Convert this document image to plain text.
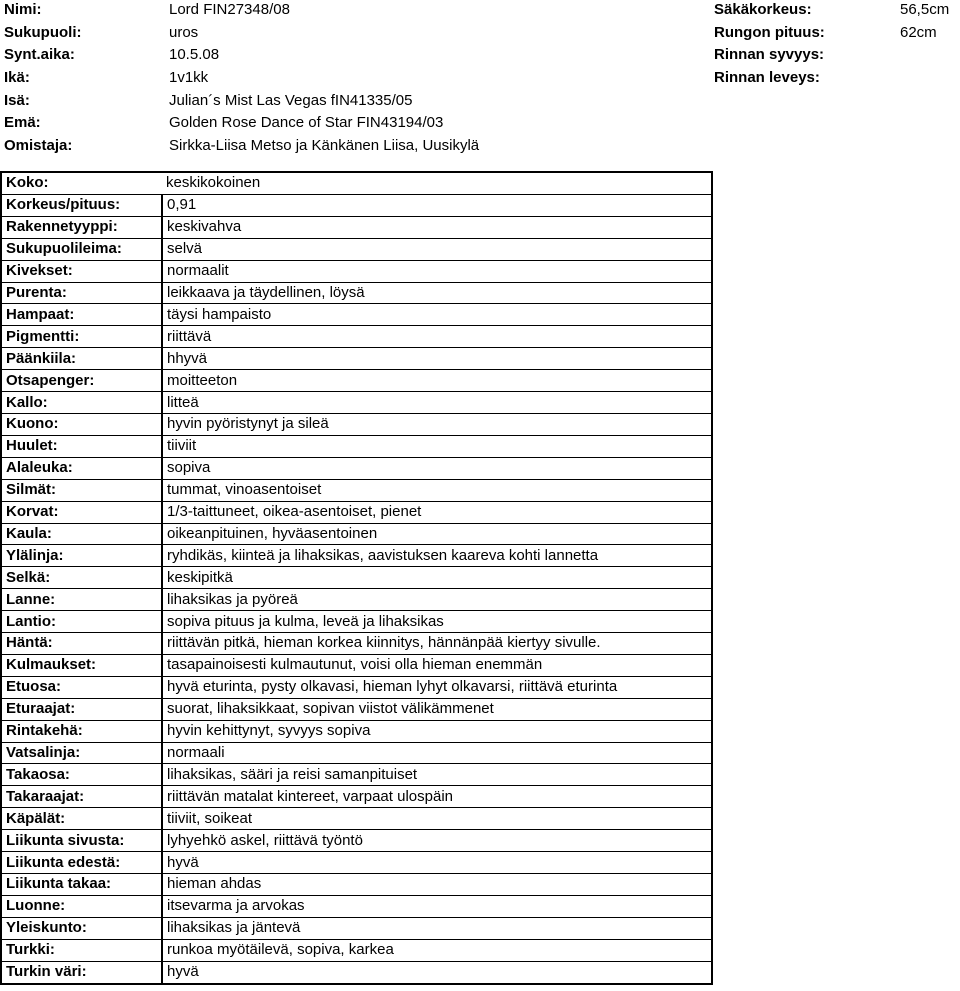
Nimi:	Lord FIN27348/08
Sukupuoli:	uros
Synt.aika:	10.5.08
Ikä:	1v1kk
Isä:	Julian´s Mist Las Vegas fIN41335/05
Emä:	Golden Rose Dance of Star FIN43194/03
Omistaja:	Sirkka-Liisa Metso ja Känkänen Liisa, Uusikylä
Säkäkorkeus:	56,5cm
Rungon pituus:	62cm
Rinnan syvyys:
Rinnan leveys:
Koko:	keskikokoinen
Korkeus/pituus:	0,91
Rakennetyyppi:	keskivahva
Sukupuolileima:	selvä
Kivekset:	normaalit
Purenta:	leikkaava ja täydellinen, löysä
Hampaat:	täysi hampaisto
Pigmentti:	riittävä
Päänkiila:	hhyvä
Otsapenger:	moitteeton
Kallo:	litteä
Kuono:	hyvin pyöristynyt ja sileä
Huulet:	tiiviit
Alaleuka:	sopiva
Silmät:	tummat, vinoasentoiset
Korvat:	1/3-taittuneet, oikea-asentoiset, pienet
Kaula:	oikeanpituinen, hyväasentoinen
Ylälinja:	ryhdikäs, kiinteä ja lihaksikas, aavistuksen kaareva kohti lannetta
Selkä:	keskipitkä
Lanne:	lihaksikas ja pyöreä
Lantio:	sopiva pituus ja kulma, leveä ja lihaksikas
Häntä:	riittävän pitkä, hieman korkea kiinnitys, hännänpää kiertyy sivulle.
Kulmaukset:	tasapainoisesti kulmautunut, voisi olla hieman enemmän
Etuosa:	hyvä eturinta, pysty olkavasi, hieman lyhyt olkavarsi, riittävä eturinta
Eturaajat:	suorat, lihaksikkaat, sopivan viistot välikämmenet
Rintakehä:	hyvin kehittynyt, syvyys sopiva
Vatsalinja:	normaali
Takaosa:	lihaksikas, sääri ja reisi samanpituiset
Takaraajat:	riittävän matalat kintereet, varpaat ulospäin
Käpälät:	tiiviit, soikeat
Liikunta sivusta:	lyhyehkö askel, riittävä työntö
Liikunta edestä:	hyvä
Liikunta takaa:	hieman ahdas
Luonne:	itsevarma ja arvokas
Yleiskunto:	lihaksikas ja jäntevä
Turkki:	runkoa myötäilevä, sopiva, karkea
Turkin väri:	hyvä
